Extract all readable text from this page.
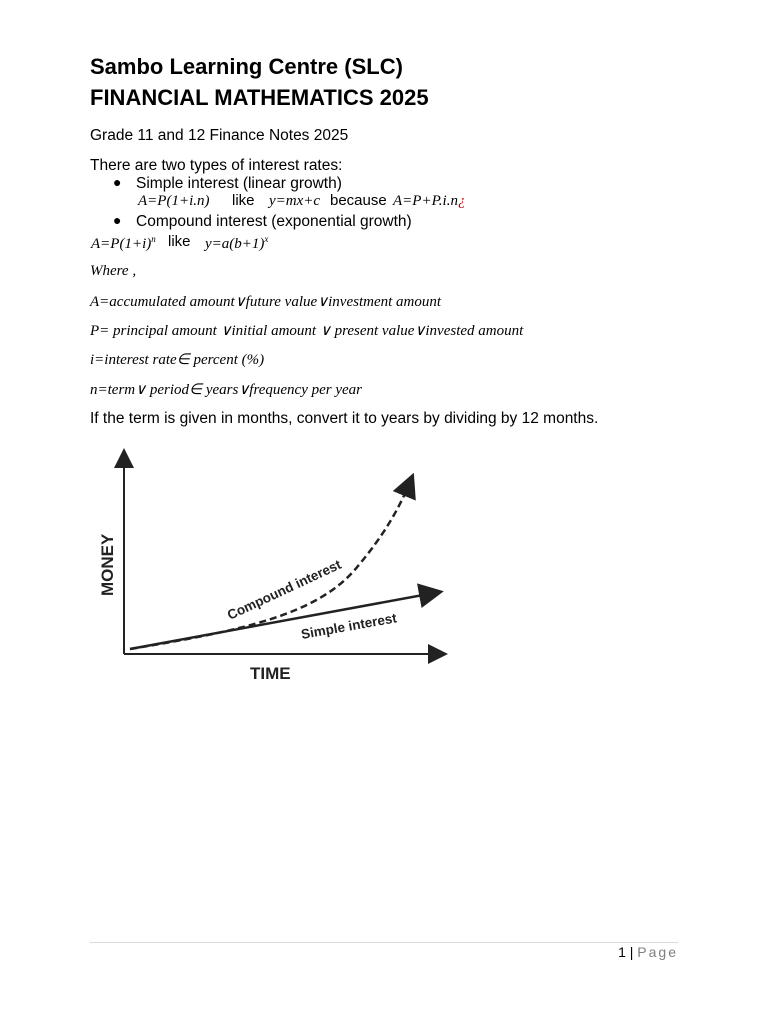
Sambo Learning Centre (SLC)
FINANCIAL MATHEMATICS 2025
Grade 11 and 12 Finance Notes 2025
There are two types of interest rates:
● Simple interest (linear growth)
A=P(1+i.n) like y=mx+c because A=P+P.i.n¿
● Compound interest (exponential growth)
$A=P(1+i)^n$ like $y=a(b+1)^x$
Where ,
A=accumulated amount∨future value∨investment amount
P= principal amount ∨initial amount ∨ present value∨invested amount
i=interest rate∈ percent (%)
n=term∨ period∈ years∨frequency per year
If the term is given in months, convert it to years by dividing by 12 months.
MONEY
TIME
Compound interest
Simple interest
1 | Page
